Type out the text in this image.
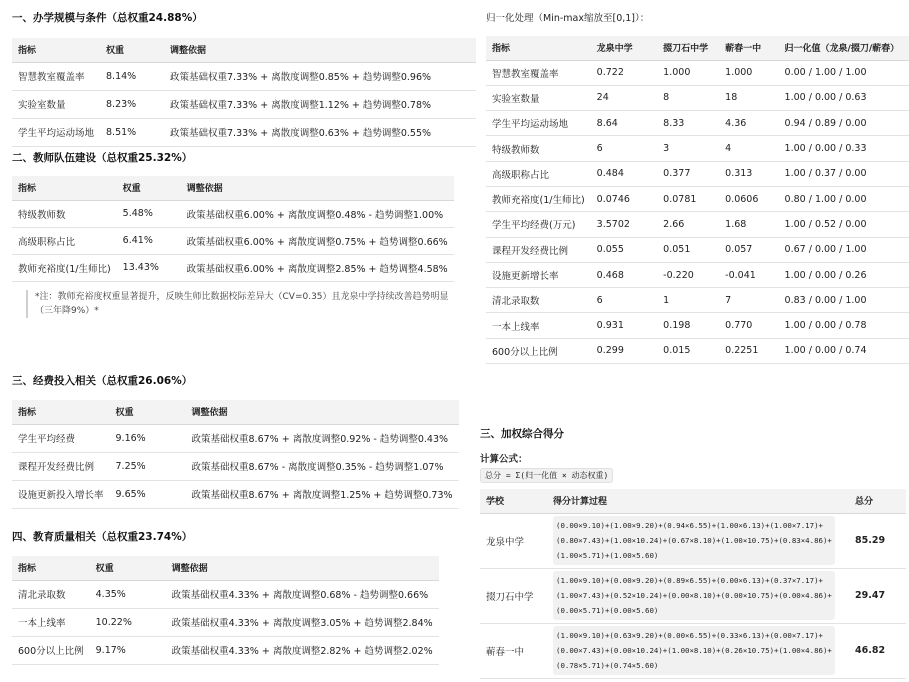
一、办学规模与条件（总权重24.88%）
指标	权重	调整依据
智慧教室覆盖率	8.14%	政策基础权重7.33% + 离散度调整0.85% + 趋势调整0.96%
实验室数量	8.23%	政策基础权重7.33% + 离散度调整1.12% + 趋势调整0.78%
学生平均运动场地	8.51%	政策基础权重7.33% + 离散度调整0.63% + 趋势调整0.55%
二、教师队伍建设（总权重25.32%）
指标	权重	调整依据
特级教师数	5.48%	政策基础权重6.00% + 离散度调整0.48% - 趋势调整1.00%
高级职称占比	6.41%	政策基础权重6.00% + 离散度调整0.75% + 趋势调整0.66%
教师充裕度(1/生师比)	13.43%	政策基础权重6.00% + 离散度调整2.85% + 趋势调整4.58%
*注：教师充裕度权重显著提升，反映生师比数据校际差异大（CV=0.35）且龙泉中学持续改善趋势明显（三年降9%）*
三、经费投入相关（总权重26.06%）
指标	权重	调整依据
学生平均经费	9.16%	政策基础权重8.67% + 离散度调整0.92% - 趋势调整0.43%
课程开发经费比例	7.25%	政策基础权重8.67% - 离散度调整0.35% - 趋势调整1.07%
设施更新投入增长率	9.65%	政策基础权重8.67% + 离散度调整1.25% + 趋势调整0.73%
四、教育质量相关（总权重23.74%）
指标	权重	调整依据
清北录取数	4.35%	政策基础权重4.33% + 离散度调整0.68% - 趋势调整0.66%
一本上线率	10.22%	政策基础权重4.33% + 离散度调整3.05% + 趋势调整2.84%
600分以上比例	9.17%	政策基础权重4.33% + 离散度调整2.82% + 趋势调整2.02%
归一化处理（Min-max缩放至[0,1]）：
指标	龙泉中学	掇刀石中学	蕲春一中	归一化值（龙泉/掇刀/蕲春）
智慧教室覆盖率	0.722	1.000	1.000	0.00 / 1.00 / 1.00
实验室数量	24	8	18	1.00 / 0.00 / 0.63
学生平均运动场地	8.64	8.33	4.36	0.94 / 0.89 / 0.00
特级教师数	6	3	4	1.00 / 0.00 / 0.33
高级职称占比	0.484	0.377	0.313	1.00 / 0.37 / 0.00
教师充裕度(1/生师比)	0.0746	0.0781	0.0606	0.80 / 1.00 / 0.00
学生平均经费(万元)	3.5702	2.66	1.68	1.00 / 0.52 / 0.00
课程开发经费比例	0.055	0.051	0.057	0.67 / 0.00 / 1.00
设施更新增长率	0.468	-0.220	-0.041	1.00 / 0.00 / 0.26
清北录取数	6	1	7	0.83 / 0.00 / 1.00
一本上线率	0.931	0.198	0.770	1.00 / 0.00 / 0.78
600分以上比例	0.299	0.015	0.2251	1.00 / 0.00 / 0.74
三、加权综合得分
计算公式：
总分 = Σ(归一化值 × 动态权重)
学校	得分计算过程	总分
龙泉中学	(0.00×9.10)+(1.00×9.20)+(0.94×6.55)+(1.00×6.13)+(1.00×7.17)+
(0.80×7.43)+(1.00×10.24)+(0.67×8.10)+(1.00×10.75)+(0.83×4.86)+
(1.00×5.71)+(1.00×5.60)	85.29
掇刀石中学	(1.00×9.10)+(0.00×9.20)+(0.89×6.55)+(0.00×6.13)+(0.37×7.17)+
(1.00×7.43)+(0.52×10.24)+(0.00×8.10)+(0.00×10.75)+(0.00×4.86)+
(0.00×5.71)+(0.00×5.60)	29.47
蕲春一中	(1.00×9.10)+(0.63×9.20)+(0.00×6.55)+(0.33×6.13)+(0.00×7.17)+
(0.00×7.43)+(0.00×10.24)+(1.00×8.10)+(0.26×10.75)+(1.00×4.86)+
(0.78×5.71)+(0.74×5.60)	46.82
